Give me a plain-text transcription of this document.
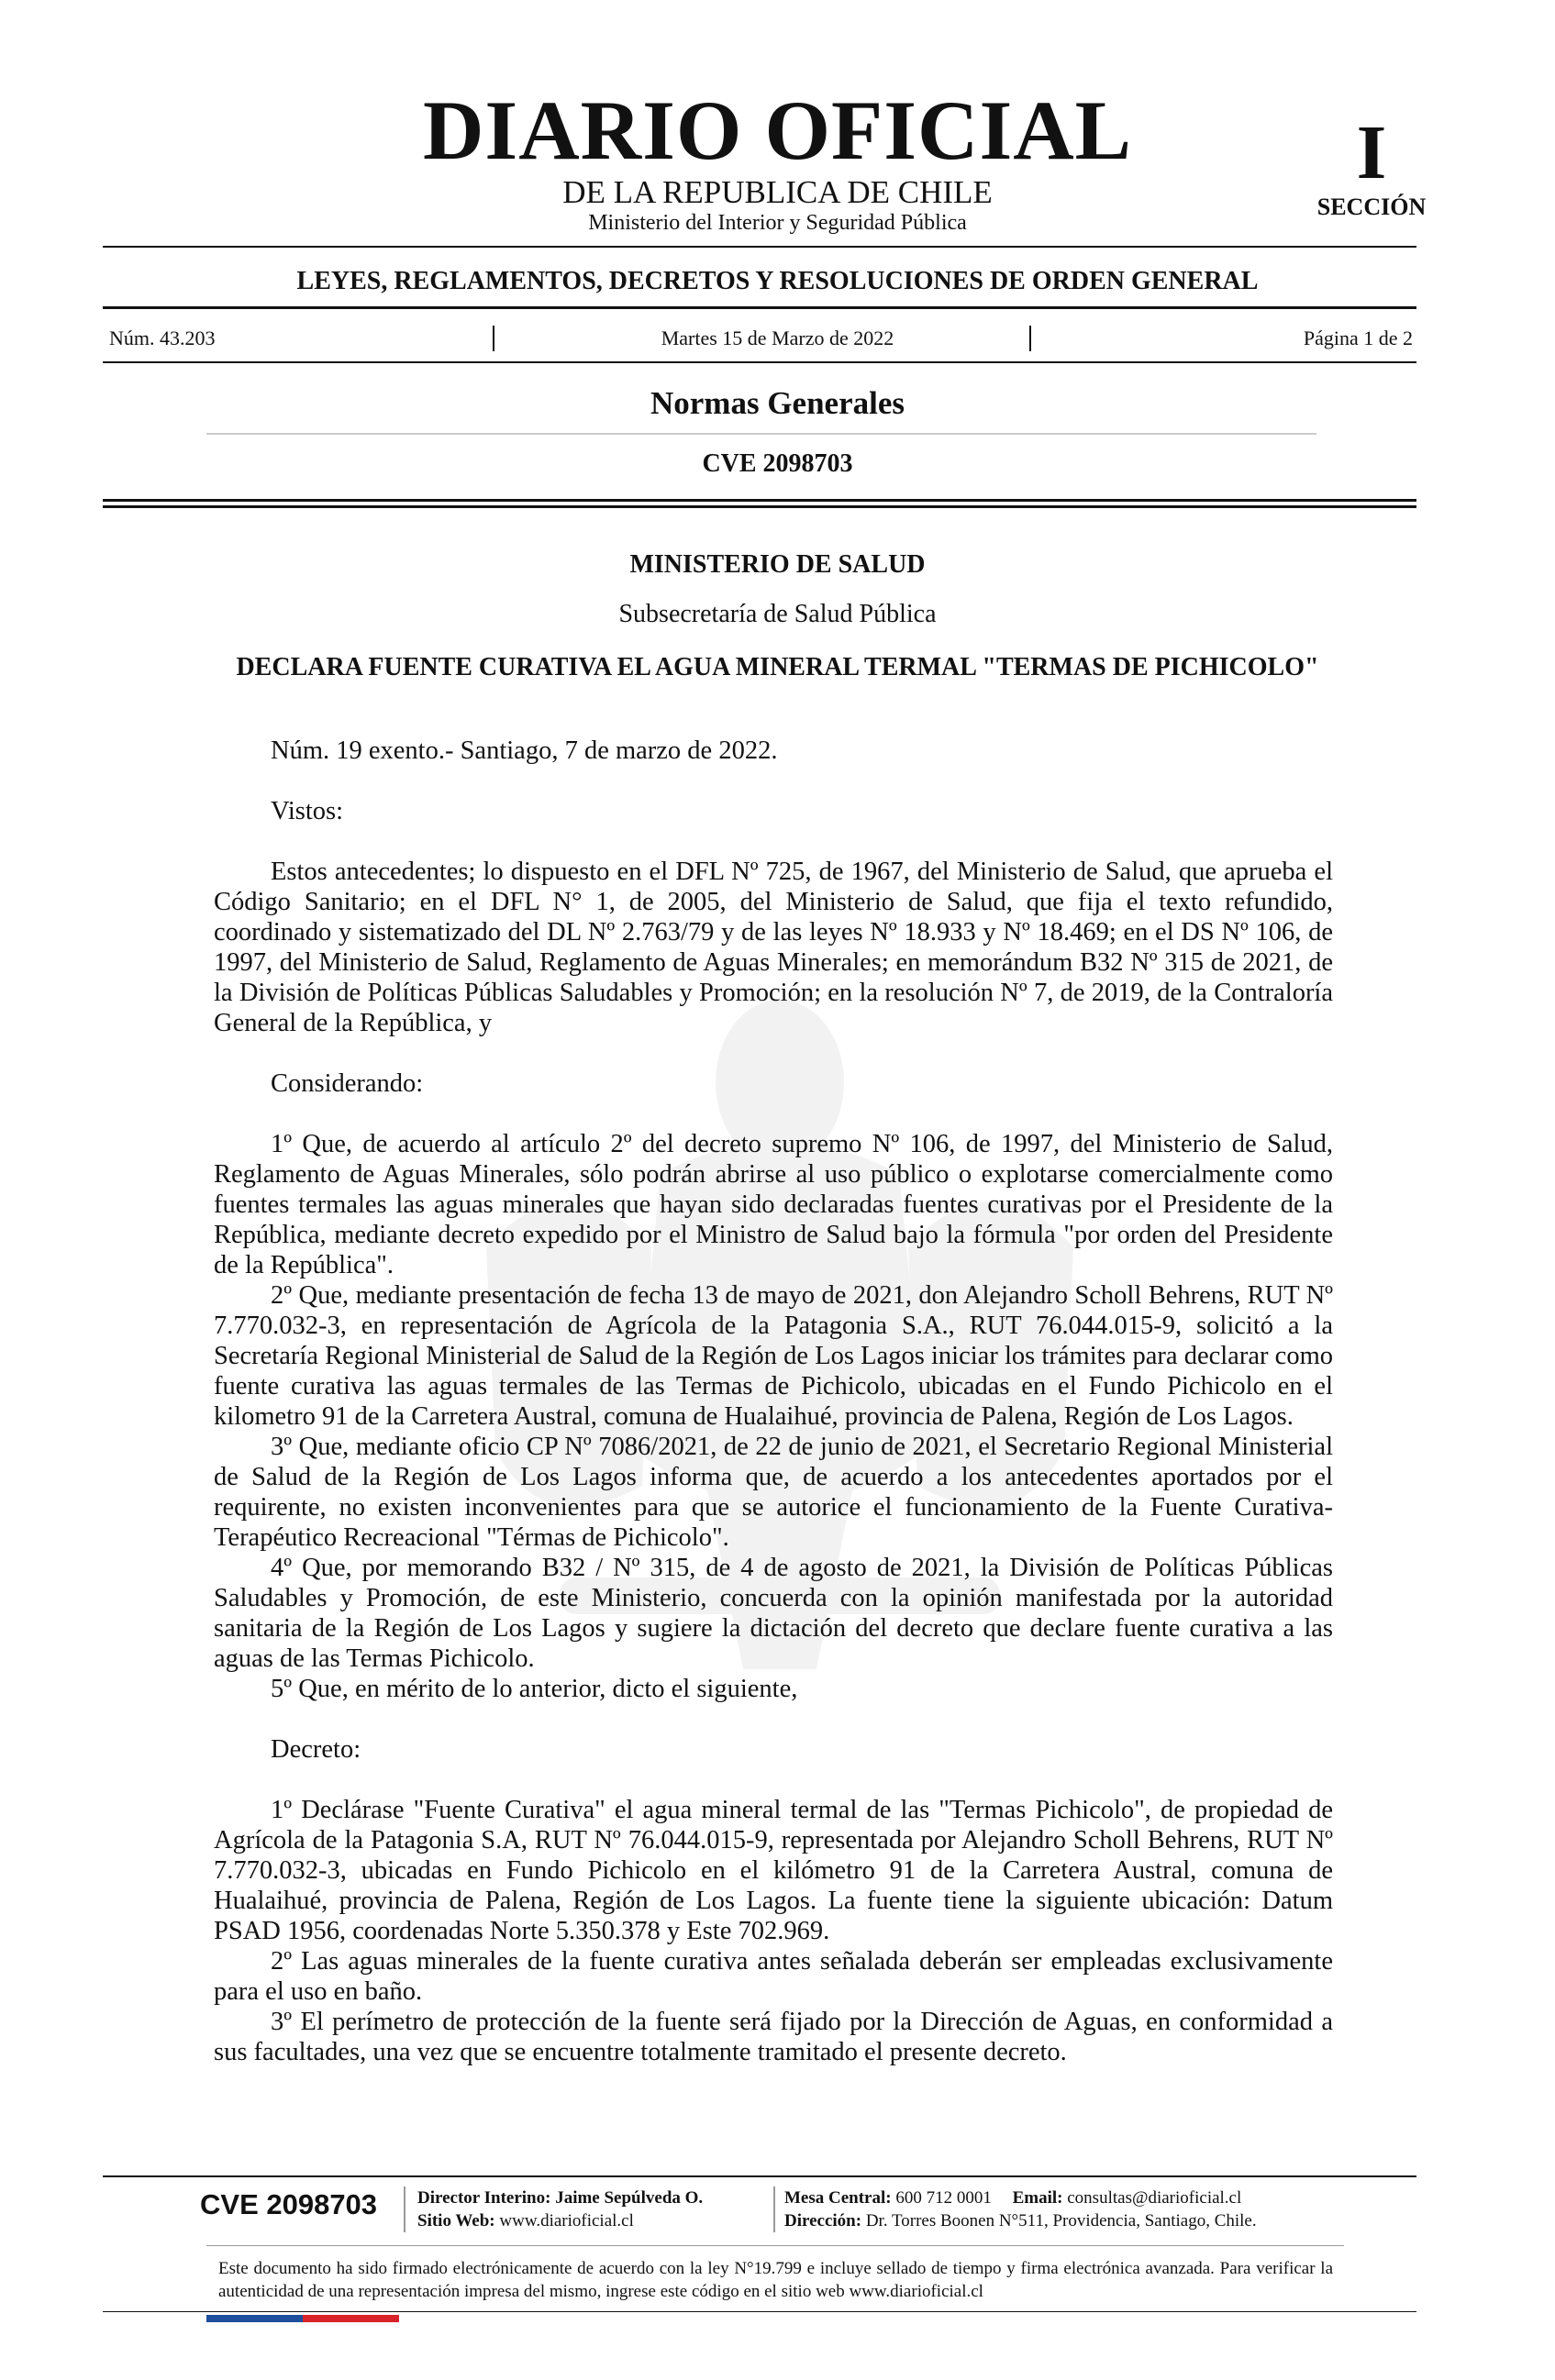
DIARIO OFICIAL
DE LA REPUBLICA DE CHILE
Ministerio del Interior y Seguridad Pública
I
SECCIÓN
LEYES, REGLAMENTOS, DECRETOS Y RESOLUCIONES DE ORDEN GENERAL
Núm. 43.203	Martes 15 de Marzo de 2022	Página 1 de 2
Normas Generales
CVE 2098703
MINISTERIO DE SALUD
Subsecretaría de Salud Pública
DECLARA FUENTE CURATIVA EL AGUA MINERAL TERMAL "TERMAS DE PICHICOLO"

Núm. 19 exento.- Santiago, 7 de marzo de 2022.

Vistos:

Estos antecedentes; lo dispuesto en el DFL Nº 725, de 1967, del Ministerio de Salud, que aprueba el Código Sanitario; en el DFL N° 1, de 2005, del Ministerio de Salud, que fija el texto refundido, coordinado y sistematizado del DL Nº 2.763/79 y de las leyes Nº 18.933 y Nº 18.469; en el DS Nº 106, de 1997, del Ministerio de Salud, Reglamento de Aguas Minerales; en memorándum B32 Nº 315 de 2021, de la División de Políticas Públicas Saludables y Promoción; en la resolución Nº 7, de 2019, de la Contraloría General de la República, y

Considerando:

1º Que, de acuerdo al artículo 2º del decreto supremo Nº 106, de 1997, del Ministerio de Salud, Reglamento de Aguas Minerales, sólo podrán abrirse al uso público o explotarse comercialmente como fuentes termales las aguas minerales que hayan sido declaradas fuentes curativas por el Presidente de la República, mediante decreto expedido por el Ministro de Salud bajo la fórmula "por orden del Presidente de la República".

2º Que, mediante presentación de fecha 13 de mayo de 2021, don Alejandro Scholl Behrens, RUT Nº 7.770.032-3, en representación de Agrícola de la Patagonia S.A., RUT 76.044.015-9, solicitó a la Secretaría Regional Ministerial de Salud de la Región de Los Lagos iniciar los trámites para declarar como fuente curativa las aguas termales de las Termas de Pichicolo, ubicadas en el Fundo Pichicolo en el kilometro 91 de la Carretera Austral, comuna de Hualaihué, provincia de Palena, Región de Los Lagos.

3º Que, mediante oficio CP Nº 7086/2021, de 22 de junio de 2021, el Secretario Regional Ministerial de Salud de la Región de Los Lagos informa que, de acuerdo a los antecedentes aportados por el requirente, no existen inconvenientes para que se autorice el funcionamiento de la Fuente Curativa-Terapéutico Recreacional "Térmas de Pichicolo".

4º Que, por memorando B32 / Nº 315, de 4 de agosto de 2021, la División de Políticas Públicas Saludables y Promoción, de este Ministerio, concuerda con la opinión manifestada por la autoridad sanitaria de la Región de Los Lagos y sugiere la dictación del decreto que declare fuente curativa a las aguas de las Termas Pichicolo.

5º Que, en mérito de lo anterior, dicto el siguiente,

Decreto:

1º Declárase "Fuente Curativa" el agua mineral termal de las "Termas Pichicolo", de propiedad de Agrícola de la Patagonia S.A, RUT Nº 76.044.015-9, representada por Alejandro Scholl Behrens, RUT Nº 7.770.032-3, ubicadas en Fundo Pichicolo en el kilómetro 91 de la Carretera Austral, comuna de Hualaihué, provincia de Palena, Región de Los Lagos. La fuente tiene la siguiente ubicación: Datum PSAD 1956, coordenadas Norte 5.350.378 y Este 702.969.

2º Las aguas minerales de la fuente curativa antes señalada deberán ser empleadas exclusivamente para el uso en baño.

3º El perímetro de protección de la fuente será fijado por la Dirección de Aguas, en conformidad a sus facultades, una vez que se encuentre totalmente tramitado el presente decreto.

CVE 2098703 Director Interino: Jaime Sepúlveda O.
Sitio Web: www.diarioficial.cl
Mesa Central: 600 712 0001 Email: consultas@diarioficial.cl
Dirección: Dr. Torres Boonen N°511, Providencia, Santiago, Chile.
Este documento ha sido firmado electrónicamente de acuerdo con la ley N°19.799 e incluye sellado de tiempo y firma electrónica avanzada. Para verificar la autenticidad de una representación impresa del mismo, ingrese este código en el sitio web www.diarioficial.cl
